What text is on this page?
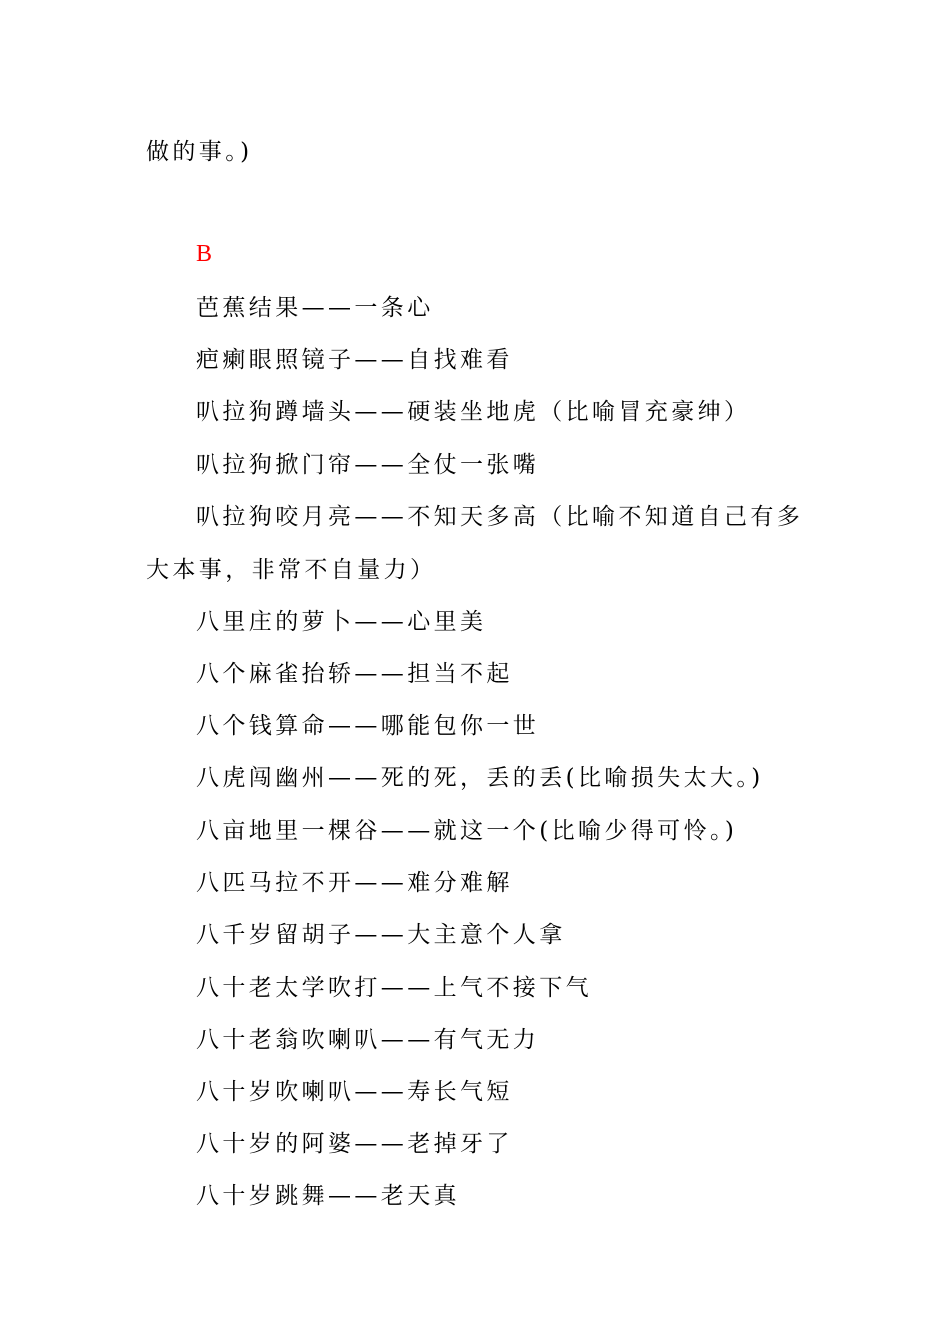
做的事。)
B
芭蕉结果——一条心
疤瘌眼照镜子——自找难看
叭拉狗蹲墙头——硬装坐地虎（比喻冒充豪绅）
叭拉狗掀门帘——全仗一张嘴
叭拉狗咬月亮——不知天多高（比喻不知道自己有多
大本事，非常不自量力）
八里庄的萝卜——心里美
八个麻雀抬轿——担当不起
八个钱算命——哪能包你一世
八虎闯幽州——死的死，丢的丢(比喻损失太大。)
八亩地里一棵谷——就这一个(比喻少得可怜。)
八匹马拉不开——难分难解
八千岁留胡子——大主意个人拿
八十老太学吹打——上气不接下气
八十老翁吹喇叭——有气无力
八十岁吹喇叭——寿长气短
八十岁的阿婆——老掉牙了
八十岁跳舞——老天真
